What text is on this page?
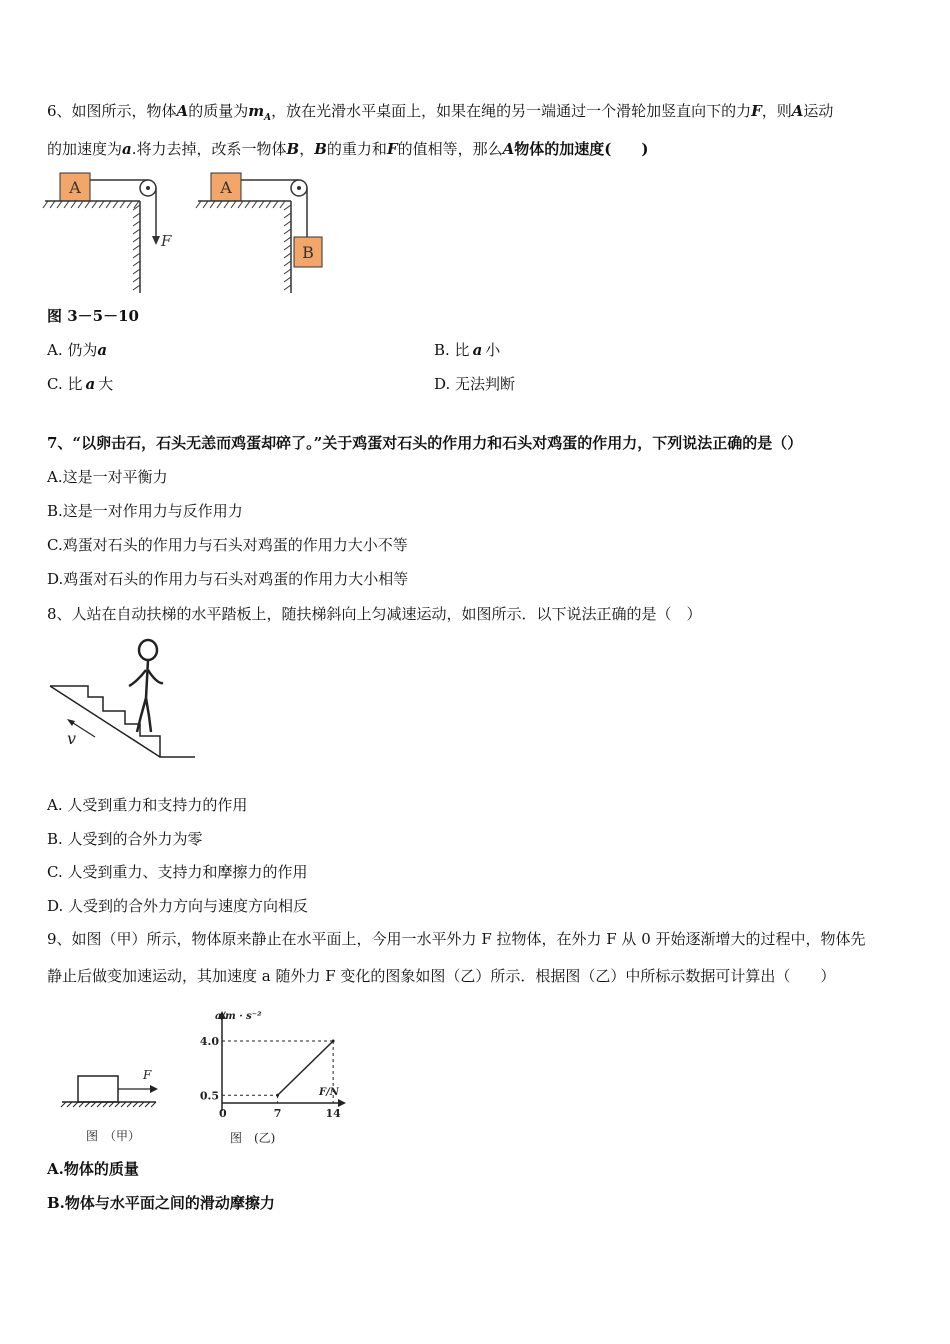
6、如图所示，物体A的质量为$m_A$，放在光滑水平桌面上，如果在绳的另一端通过一个滑轮加竖直向下的力F，则A运动
的加速度为a.将力去掉，改系一物体B，B的重力和F的值相等，那么A物体的加速度(　　)
A
F
A
B
图 3－5－10
A. 仍为a	B. 比 a 小
C. 比 a 大	D. 无法判断
7、“以卵击石，石头无恙而鸡蛋却碎了。”关于鸡蛋对石头的作用力和石头对鸡蛋的作用力，下列说法正确的是（）
A.这是一对平衡力
B.这是一对作用力与反作用力
C.鸡蛋对石头的作用力与石头对鸡蛋的作用力大小不等
D.鸡蛋对石头的作用力与石头对鸡蛋的作用力大小相等
8、人站在自动扶梯的水平踏板上，随扶梯斜向上匀减速运动，如图所示．以下说法正确的是（　）
v
A. 人受到重力和支持力的作用
B. 人受到的合外力为零
C. 人受到重力、支持力和摩擦力的作用
D. 人受到的合外力方向与速度方向相反
9、如图（甲）所示，物体原来静止在水平面上，今用一水平外力 F 拉物体，在外力 F 从 0 开始逐渐增大的过程中，物体先
静止后做变加速运动，其加速度 a 随外力 F 变化的图象如图（乙）所示．根据图（乙）中所标示数据可计算出（　　）
F
图　（甲）
a/m · s⁻²
F/N
0
图　(乙)
0.5
4.0
7	14
A.物体的质量
B.物体与水平面之间的滑动摩擦力
